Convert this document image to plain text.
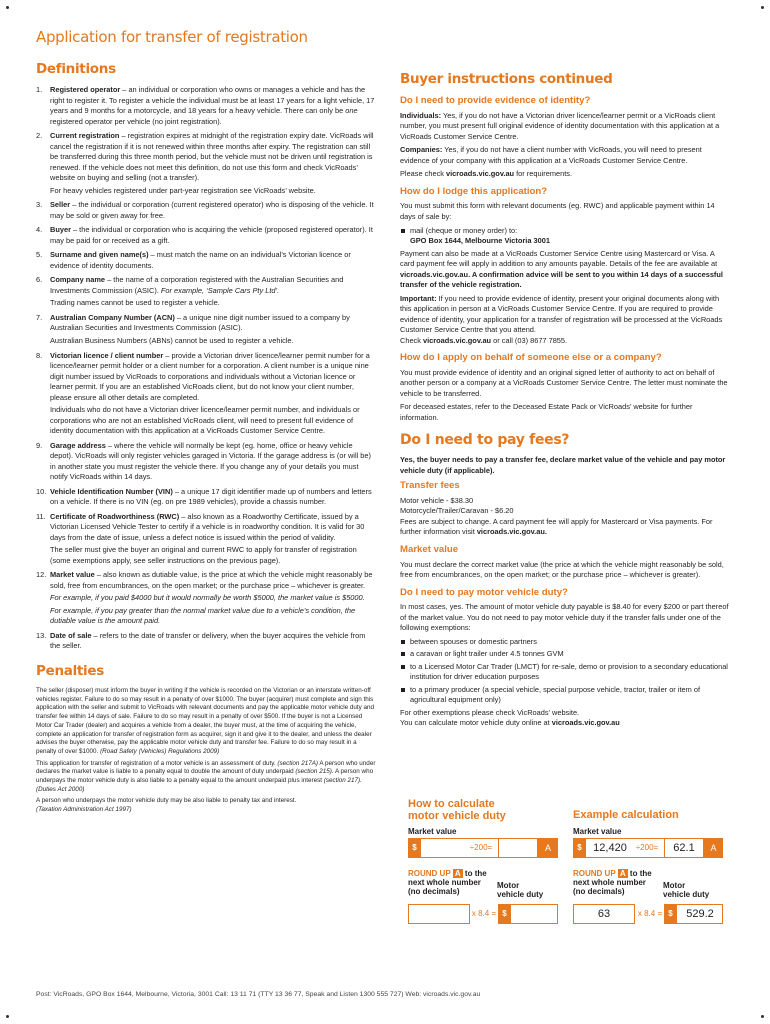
Application for transfer of registration
Definitions
1. Registered operator – an individual or corporation who owns or manages a vehicle and has the right to register it. To register a vehicle the individual must be at least 17 years for a light vehicle, 17 years and 9 months for a motorcycle, and 18 years for a heavy vehicle. There can only be one registered operator per vehicle (no joint registration).
2. Current registration – registration expires at midnight of the registration expiry date. VicRoads will cancel the registration if it is not renewed within three months after expiry. The registration can still be transferred during this three month period, but the vehicle must not be driven until registration is renewed. If the vehicle does not meet this definition, do not use this form and check VicRoads’ website on buying and selling (not a transfer).

For heavy vehicles registered under part-year registration see VicRoads’ website.

3. Seller – the individual or corporation (current registered operator) who is disposing of the vehicle. It may be sold or given away for free.
4. Buyer – the individual or corporation who is acquiring the vehicle (proposed registered operator). It may be paid for or received as a gift.
5. Surname and given name(s) – must match the name on an individual’s Victorian licence or evidence of identity documents.
6. Company name – the name of a corporation registered with the Australian Securities and Investments Commission (ASIC). For example, ‘Sample Cars Pty Ltd’.

Trading names cannot be used to register a vehicle.

7. Australian Company Number (ACN) – a unique nine digit number issued to a company by Australian Securities and Investments Commission (ASIC).

Australian Business Numbers (ABNs) cannot be used to register a vehicle.

8. Victorian licence / client number – provide a Victorian driver licence/learner permit number for a licence/learner permit holder or a client number for a corporation. A client number is a unique nine digit number issued by VicRoads to corporations and individuals without a Victorian licence or learner permit. If you are an established VicRoads client, but do not know your client number, please ensure all other details are completed.

Individuals who do not have a Victorian driver licence/learner permit number, and individuals or corporations who are not an established VicRoads client, will need to present full evidence of identity documentation with this application at a VicRoads Customer Service Centre.

9. Garage address – where the vehicle will normally be kept (eg. home, office or heavy vehicle depot). VicRoads will only register vehicles garaged in Victoria. If the garage address is (or will be) in another state you must register the vehicle there. If you change any of your details you must notify VicRoads within 14 days.
10. Vehicle Identification Number (VIN) – a unique 17 digit identifier made up of numbers and letters on a vehicle. If there is no VIN (eg. on pre 1989 vehicles), provide a chassis number.
11. Certificate of Roadworthiness (RWC) – also known as a Roadworthy Certificate, issued by a Victorian Licensed Vehicle Tester to certify if a vehicle is in roadworthy condition. It is valid for 30 days from the date of issue, unless a defect notice is issued within the period of validity.

The seller must give the buyer an original and current RWC to apply for transfer of registration (some exemptions apply, see seller instructions on the previous page).

12. Market value – also known as dutiable value, is the price at which the vehicle might reasonably be sold, free from encumbrances, on the open market; or the purchase price – whichever is greater.

For example, if you paid $4000 but it would normally be worth $5000, the market value is $5000.

For example, if you pay greater than the normal market value due to a vehicle’s condition, the dutiable value is the amount paid.

13. Date of sale – refers to the date of transfer or delivery, when the buyer acquires the vehicle from the seller.
Penalties

The seller (disposer) must inform the buyer in writing if the vehicle is recorded on the Victorian or an interstate written-off vehicles register. Failure to do so may result in a penalty of over $1000. The buyer (acquirer) must complete and sign this application with the seller and submit to VicRoads with relevant documents and pay the applicable motor vehicle duty and transfer fee within 14 days of sale. Failure to do so may result in a penalty of over $500. If the buyer is not a Licensed Motor Car Trader (dealer) and acquires a vehicle from a dealer, the buyer must, at the time of acquiring the vehicle, complete an application for transfer of registration form as acquirer, sign it and give it to the dealer, and unless the dealer advises the buyer otherwise, pay the applicable motor vehicle duty and transfer fee. Failure to do so may result in a penalty of over $1000. (Road Safety (Vehicles) Regulations 2009)

This application for transfer of registration of a motor vehicle is an assessment of duty. (section 217A) A person who under declares the market value is liable to a penalty equal to double the amount of duty underpaid (section 215). A person who underpays the motor vehicle duty is also liable to a penalty equal to the amount underpaid plus interest (section 217). (Duties Act 2000)

A person who underpays the motor vehicle duty may be also liable to penalty tax and interest.
(Taxation Administration Act 1997)

Buyer instructions continued
Do I need to provide evidence of identity?

Individuals: Yes, if you do not have a Victorian driver licence/learner permit or a VicRoads client number, you must present full original evidence of identity documentation with this application at a VicRoads Customer Service Centre.

Companies: Yes, if you do not have a client number with VicRoads, you will need to present evidence of your company with this application at a VicRoads Customer Service Centre.

Please check vicroads.vic.gov.au for requirements.

How do I lodge this application?

You must submit this form with relevant documents (eg. RWC) and applicable payment within 14 days of sale by:

mail (cheque or money order) to:
GPO Box 1644, Melbourne Victoria 3001

Payment can also be made at a VicRoads Customer Service Centre using Mastercard or Visa. A card payment fee will apply in addition to any amounts payable. Details of the fee are available at vicroads.vic.gov.au. A confirmation advice will be sent to you within 14 days of a successful transfer of the vehicle registration.

Important: If you need to provide evidence of identity, present your original documents along with this application in person at a VicRoads Customer Service Centre. If you are required to provide evidence of identity, your application for a transfer of registration will be processed at the VicRoads Customer Service Centre that you attend.
Check vicroads.vic.gov.au or call (03) 8677 7855.

How do I apply on behalf of someone else or a company?

You must provide evidence of identity and an original signed letter of authority to act on behalf of another person or a company at a VicRoads Customer Service Centre. The letter must nominate the vehicle to be transferred.

For deceased estates, refer to the Deceased Estate Pack or VicRoads’ website for further information.

Do I need to pay fees?

Yes, the buyer needs to pay a transfer fee, declare market value of the vehicle and pay motor vehicle duty (if applicable).

Transfer fees

Motor vehicle - $38.30

Motorcycle/Trailer/Caravan - $6.20

Fees are subject to change. A card payment fee will apply for Mastercard or Visa payments. For further information visit vicroads.vic.gov.au.

Market value

You must declare the correct market value (the price at which the vehicle might reasonably be sold, free from encumbrances, on the open market; or the purchase price – whichever is greater).

Do I need to pay motor vehicle duty?

In most cases, yes. The amount of motor vehicle duty payable is $8.40 for every $200 or part thereof of the market value. You do not need to pay motor vehicle duty if the transfer falls under one of the following exemptions:

between spouses or domestic partners
a caravan or light trailer under 4.5 tonnes GVM
to a Licensed Motor Car Trader (LMCT) for re-sale, demo or provision to a secondary educational institution for driver education purposes
to a primary producer (a special vehicle, special purpose vehicle, tractor, trailer or item of agricultural equipment only)

For other exemptions please check VicRoads’ website.

You can calculate motor vehicle duty online at vicroads.vic.gov.au

How to calculate
motor vehicle duty	Example calculation
Market value
$	÷200=	A
ROUND UP A to the
next whole number
(no decimals)
Motor
vehicle duty
x 8.4 = $
Market value
$	12,420	÷200=	62.1	A
ROUND UP A to the
next whole number
(no decimals)
Motor
vehicle duty
63	x 8.4 = $	529.2
Post: VicRoads, GPO Box 1644, Melbourne, Victoria, 3001 Call: 13 11 71 (TTY 13 36 77, Speak and Listen 1300 555 727) Web: vicroads.vic.gov.au
